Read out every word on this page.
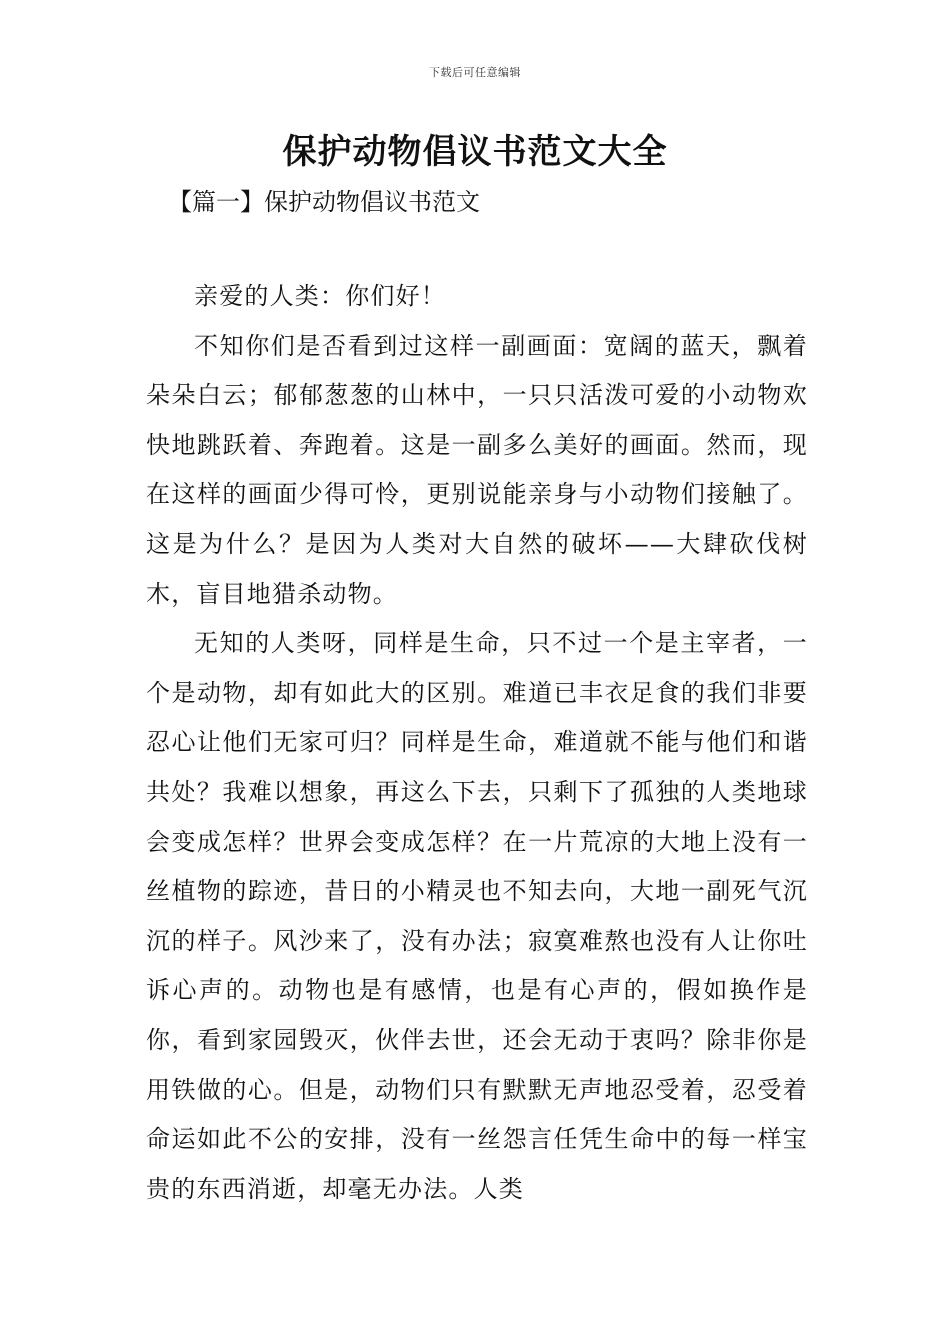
下载后可任意编辑
保护动物倡议书范文大全
【篇一】保护动物倡议书范文

亲爱的人类：你们好！

不知你们是否看到过这样一副画面：宽阔的蓝天，飘着朵朵白云；郁郁葱葱的山林中，一只只活泼可爱的小动物欢快地跳跃着、奔跑着。这是一副多么美好的画面。然而，现在这样的画面少得可怜，更别说能亲身与小动物们接触了。这是为什么？是因为人类对大自然的破坏——大肆砍伐树木，盲目地猎杀动物。

无知的人类呀，同样是生命，只不过一个是主宰者，一个是动物，却有如此大的区别。难道已丰衣足食的我们非要忍心让他们无家可归？同样是生命，难道就不能与他们和谐共处？我难以想象，再这么下去，只剩下了孤独的人类地球会变成怎样？世界会变成怎样？在一片荒凉的大地上没有一丝植物的踪迹，昔日的小精灵也不知去向，大地一副死气沉沉的样子。风沙来了，没有办法；寂寞难熬也没有人让你吐诉心声的。动物也是有感情，也是有心声的，假如换作是你，看到家园毁灭，伙伴去世，还会无动于衷吗？除非你是用铁做的心。但是，动物们只有默默无声地忍受着，忍受着命运如此不公的安排，没有一丝怨言任凭生命中的每一样宝贵的东西消逝，却毫无办法。人类
